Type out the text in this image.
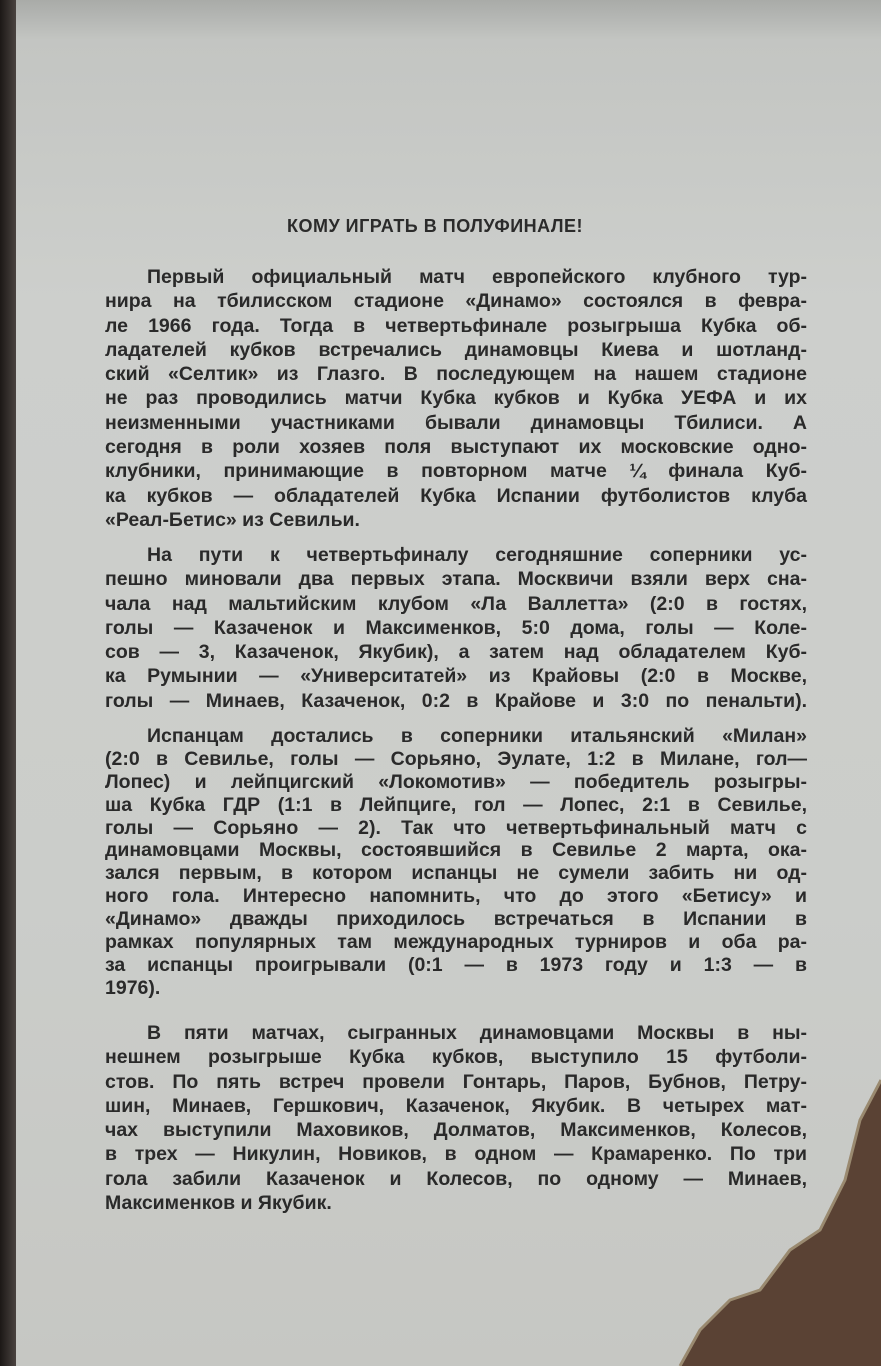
КОМУ ИГРАТЬ В ПОЛУФИНАЛЕ!
Первый официальный матч европейского клубного тур-
нира на тбилисском стадионе «Динамо» состоялся в февра-
ле 1966 года. Тогда в четвертьфинале розыгрыша Кубка об-
ладателей кубков встречались динамовцы Киева и шотланд-
ский «Селтик» из Глазго. В последующем на нашем стадионе
не раз проводились матчи Кубка кубков и Кубка УЕФА и их
неизменными участниками бывали динамовцы Тбилиси. А
сегодня в роли хозяев поля выступают их московские одно-
клубники, принимающие в повторном матче ¼ финала Куб-
ка кубков — обладателей Кубка Испании футболистов клуба
«Реал-Бетис» из Севильи.
На пути к четвертьфиналу сегодняшние соперники ус-
пешно миновали два первых этапа. Москвичи взяли верх сна-
чала над мальтийским клубом «Ла Валлетта» (2:0 в гостях,
голы — Казаченок и Максименков, 5:0 дома, голы — Коле-
сов — 3, Казаченок, Якубик), а затем над обладателем Куб-
ка Румынии — «Университатей» из Крайовы (2:0 в Москве,
голы — Минаев, Казаченок, 0:2 в Крайове и 3:0 по пенальти).
Испанцам достались в соперники итальянский «Милан»
(2:0 в Севилье, голы — Сорьяно, Эулате, 1:2 в Милане, гол—
Лопес) и лейпцигский «Локомотив» — победитель розыгры-
ша Кубка ГДР (1:1 в Лейпциге, гол — Лопес, 2:1 в Севилье,
голы — Сорьяно — 2). Так что четвертьфинальный матч с
динамовцами Москвы, состоявшийся в Севилье 2 марта, ока-
зался первым, в котором испанцы не сумели забить ни од-
ного гола. Интересно напомнить, что до этого «Бетису» и
«Динамо» дважды приходилось встречаться в Испании в
рамках популярных там международных турниров и оба ра-
за испанцы проигрывали (0:1 — в 1973 году и 1:3 — в
1976).
В пяти матчах, сыгранных динамовцами Москвы в ны-
нешнем розыгрыше Кубка кубков, выступило 15 футболи-
стов. По пять встреч провели Гонтарь, Паров, Бубнов, Петру-
шин, Минаев, Гершкович, Казаченок, Якубик. В четырех мат-
чах выступили Маховиков, Долматов, Максименков, Колесов,
в трех — Никулин, Новиков, в одном — Крамаренко. По три
гола забили Казаченок и Колесов, по одному — Минаев,
Максименков и Якубик.
